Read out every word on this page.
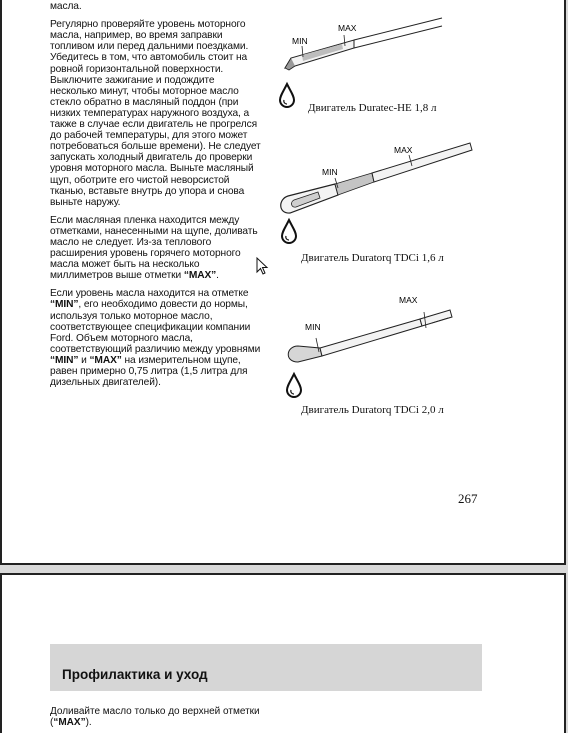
масла.

Регулярно проверяйте уровень моторного масла, например, во время заправки топливом или перед дальними поездками. Убедитесь в том, что автомобиль стоит на ровной горизонтальной поверхности. Выключите зажигание и подождите несколько минут, чтобы моторное масло стекло обратно в масляный поддон (при низких температурах наружного воздуха, а также в случае если двигатель не прогрелся до рабочей температуры, для этого может потребоваться больше времени). Не следует запускать холодный двигатель до проверки уровня моторного масла. Выньте масляный щуп, оботрите его чистой неворсистой тканью, вставьте внутрь до упора и снова выньте наружу.

Если масляная пленка находится между отметками, нанесенными на щупе, доливать масло не следует. Из-за теплового расширения уровень горячего моторного масла может быть на несколько миллиметров выше отметки “MAX”.

Если уровень масла находится на отметке “MIN”, его необходимо довести до нормы, используя только моторное масло, соответствующее спецификации компании Ford. Объем моторного масла, соответствующий различию между уровнями “MIN” и “MAX” на измерительном щупе, равен примерно 0,75 литра (1,5 литра для дизельных двигателей).

MIN
MAX
MIN
MAX
MIN
MAX
Двигатель Duratec-HE 1,8 л
Двигатель Duratorq TDCi 1,6 л
Двигатель Duratorq TDCi 2,0 л
267
Профилактика и уход
Доливайте масло только до верхней отметки (“MAX”).
